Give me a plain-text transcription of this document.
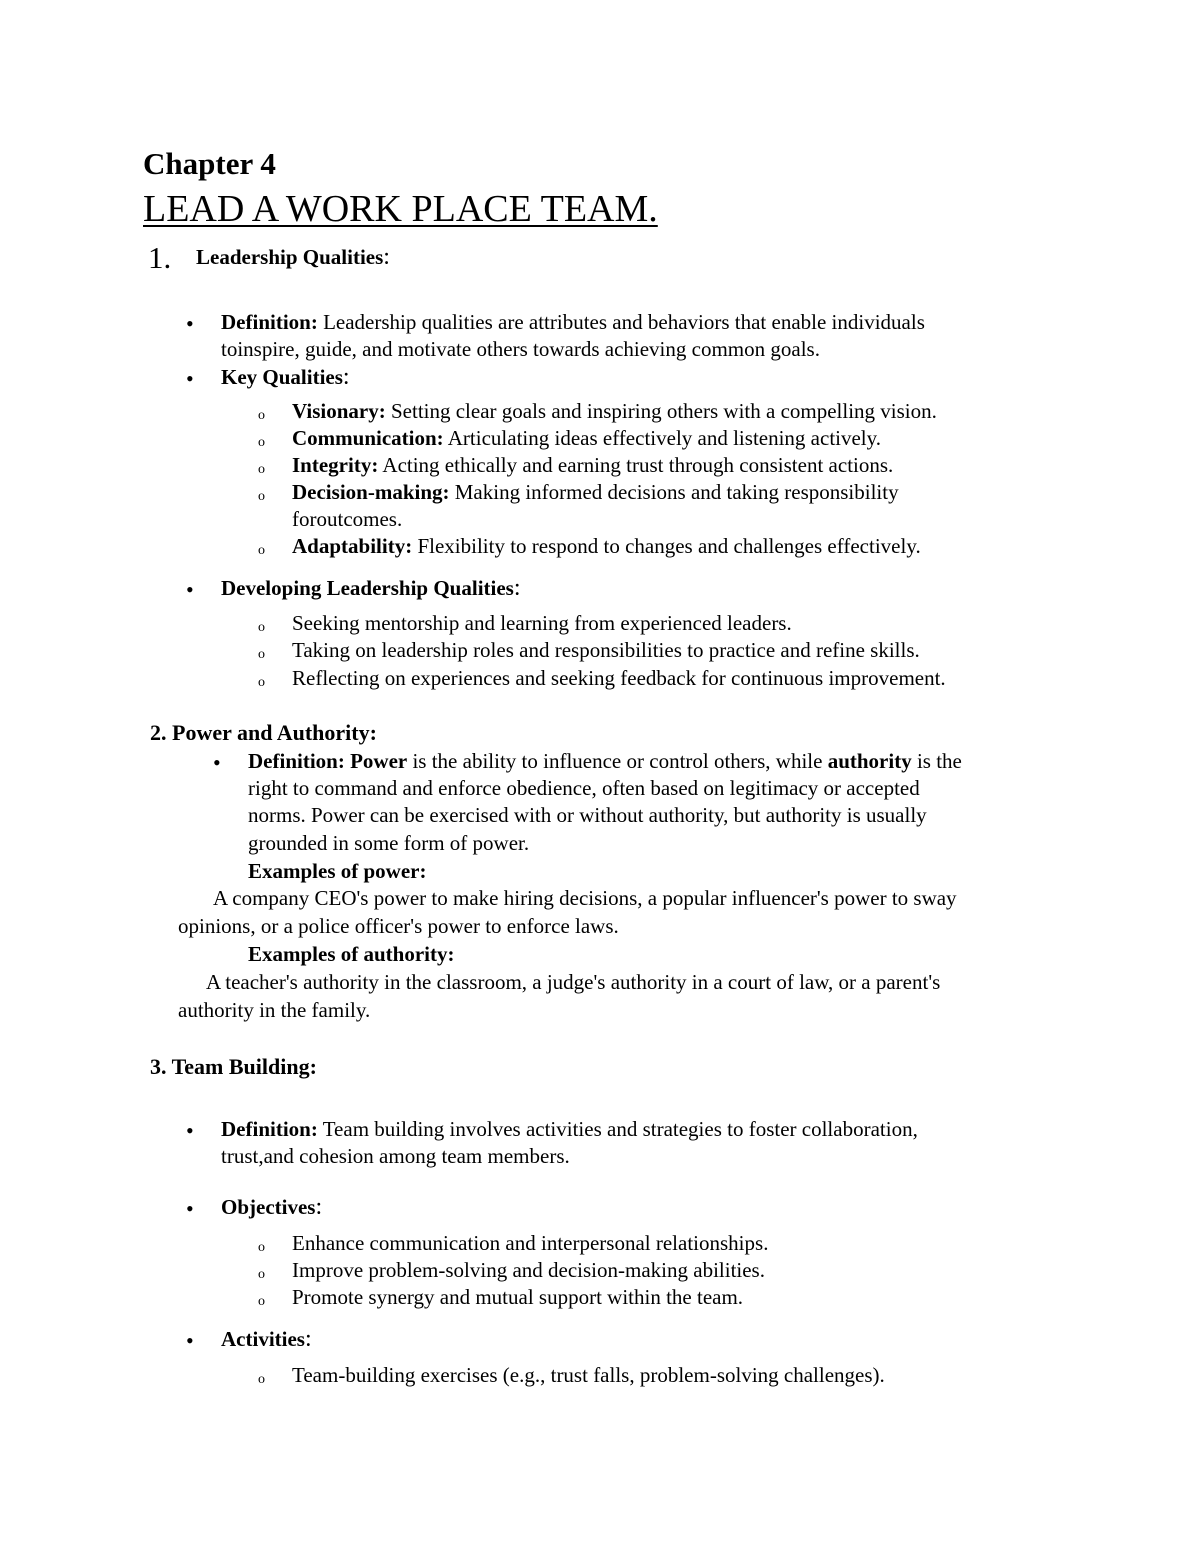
Chapter 4
LEAD A WORK PLACE TEAM.
1. Leadership Qualities:
• Definition: Leadership qualities are attributes and behaviors that enable individuals
toinspire, guide, and motivate others towards achieving common goals.
• Key Qualities:
o Visionary: Setting clear goals and inspiring others with a compelling vision.
o Communication: Articulating ideas effectively and listening actively.
o Integrity: Acting ethically and earning trust through consistent actions.
o Decision-making: Making informed decisions and taking responsibility
foroutcomes.
o Adaptability: Flexibility to respond to changes and challenges effectively.
• Developing Leadership Qualities:
o Seeking mentorship and learning from experienced leaders.
o Taking on leadership roles and responsibilities to practice and refine skills.
o Reflecting on experiences and seeking feedback for continuous improvement.
2. Power and Authority:
• Definition: Power is the ability to influence or control others, while authority is the
right to command and enforce obedience, often based on legitimacy or accepted
norms. Power can be exercised with or without authority, but authority is usually
grounded in some form of power.
Examples of power:
A company CEO's power to make hiring decisions, a popular influencer's power to sway
opinions, or a police officer's power to enforce laws.
Examples of authority:
A teacher's authority in the classroom, a judge's authority in a court of law, or a parent's
authority in the family.
3. Team Building:
• Definition: Team building involves activities and strategies to foster collaboration,
trust,and cohesion among team members.
• Objectives:
o Enhance communication and interpersonal relationships.
o Improve problem-solving and decision-making abilities.
o Promote synergy and mutual support within the team.
• Activities:
o Team-building exercises (e.g., trust falls, problem-solving challenges).
